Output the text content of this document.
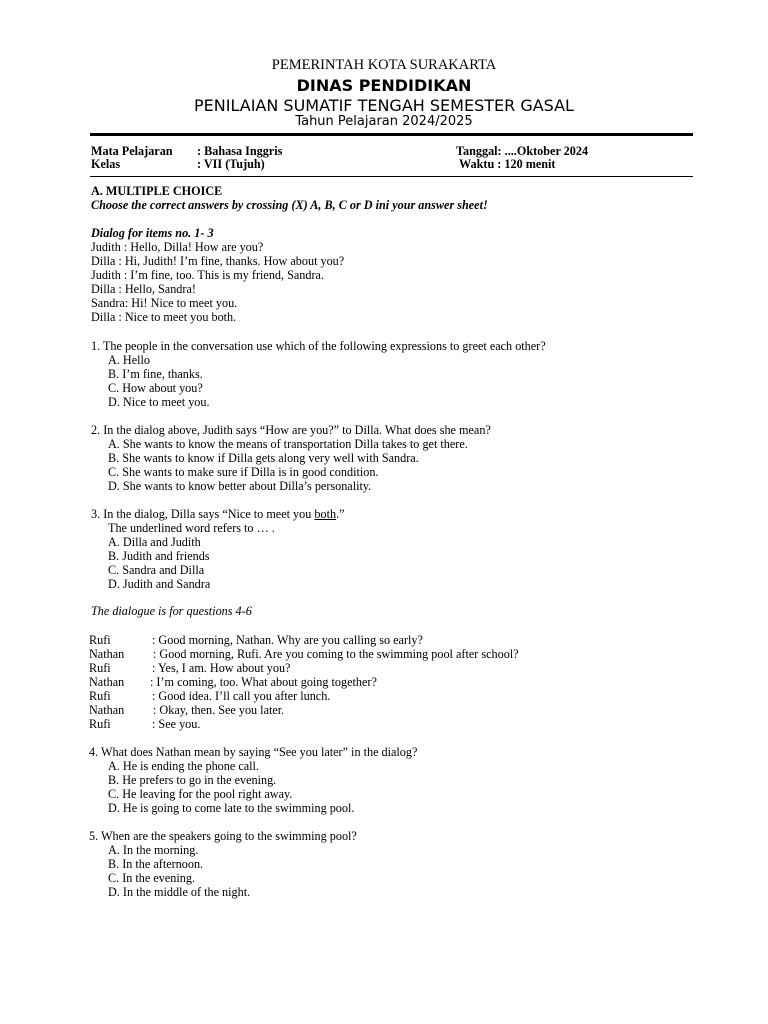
PEMERINTAH KOTA SURAKARTA
DINAS PENDIDIKAN
PENILAIAN SUMATIF TENGAH SEMESTER GASAL
Tahun Pelajaran 2024/2025
Mata Pelajaran : Bahasa Inggris
Kelas	: VII (Tujuh)
Tanggal: ....Oktober 2024
Waktu : 120 menit
A. MULTIPLE CHOICE
Choose the correct answers by crossing (X) A, B, C or D ini your answer sheet!
Dialog for items no. 1- 3
Judith : Hello, Dilla! How are you?
Dilla : Hi, Judith! I’m fine, thanks. How about you?
Judith : I’m fine, too. This is my friend, Sandra.
Dilla : Hello, Sandra!
Sandra: Hi! Nice to meet you.
Dilla : Nice to meet you both.
1. The people in the conversation use which of the following expressions to greet each other?
A. Hello
B. I’m fine, thanks.
C. How about you?
D. Nice to meet you.
2. In the dialog above, Judith says “How are you?” to Dilla. What does she mean?
A. She wants to know the means of transportation Dilla takes to get there.
B. She wants to know if Dilla gets along very well with Sandra.
C. She wants to make sure if Dilla is in good condition.
D. She wants to know better about Dilla’s personality.
3. In the dialog, Dilla says “Nice to meet you both.”
The underlined word refers to … .
A. Dilla and Judith
B. Judith and friends
C. Sandra and Dilla
D. Judith and Sandra
The dialogue is for questions 4-6
Rufi	: Good morning, Nathan. Why are you calling so early?
Nathan : Good morning, Rufi. Are you coming to the swimming pool after school?
Rufi	: Yes, I am. How about you?
Nathan : I’m coming, too. What about going together?
Rufi	: Good idea. I’ll call you after lunch.
Nathan : Okay, then. See you later.
Rufi	: See you.
4. What does Nathan mean by saying “See you later” in the dialog?
A. He is ending the phone call.
B. He prefers to go in the evening.
C. He leaving for the pool right away.
D. He is going to come late to the swimming pool.
5. When are the speakers going to the swimming pool?
A. In the morning.
B. In the afternoon.
C. In the evening.
D. In the middle of the night.
